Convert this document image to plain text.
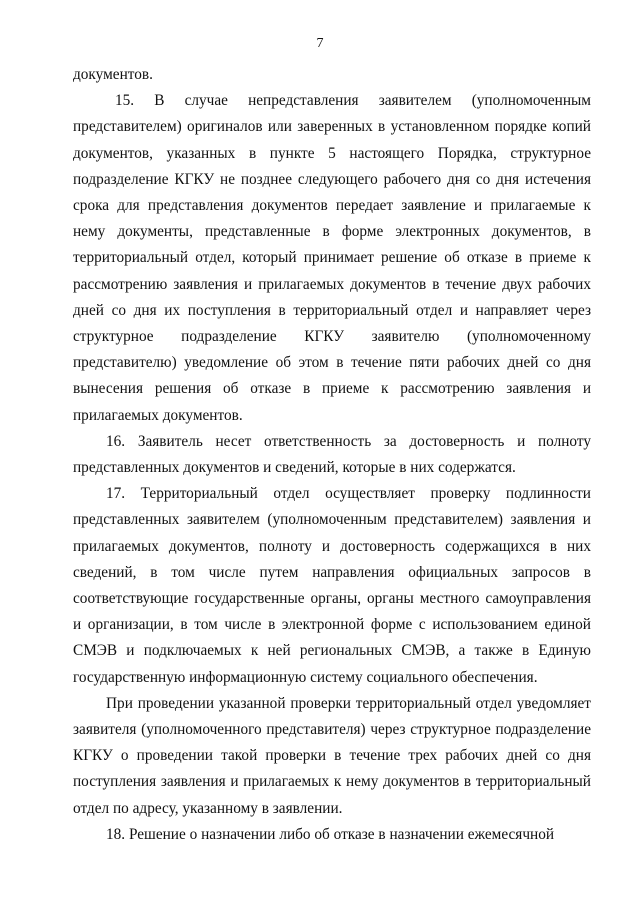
7

документов.

15. В случае непредставления заявителем (уполномоченным представителем) оригиналов или заверенных в установленном порядке копий документов, указанных в пункте 5 настоящего Порядка, структурное подразделение КГКУ не позднее следующего рабочего дня со дня истечения срока для представления документов передает заявление и прилагаемые к нему документы, представленные в форме электронных документов, в территориальный отдел, который принимает решение об отказе в приеме к рассмотрению заявления и прилагаемых документов в течение двух рабочих дней со дня их поступления в территориальный отдел и направляет через структурное подразделение КГКУ заявителю (уполномоченному представителю) уведомление об этом в течение пяти рабочих дней со дня вынесения решения об отказе в приеме к рассмотрению заявления и прилагаемых документов.

16. Заявитель несет ответственность за достоверность и полноту представленных документов и сведений, которые в них содержатся.

17. Территориальный отдел осуществляет проверку подлинности представленных заявителем (уполномоченным представителем) заявления и прилагаемых документов, полноту и достоверность содержащихся в них сведений, в том числе путем направления официальных запросов в соответствующие государственные органы, органы местного самоуправления и организации, в том числе в электронной форме с использованием единой СМЭВ и подключаемых к ней региональных СМЭВ, а также в Единую государственную информационную систему социального обеспечения.

При проведении указанной проверки территориальный отдел уведомляет заявителя (уполномоченного представителя) через структурное подразделение КГКУ о проведении такой проверки в течение трех рабочих дней со дня поступления заявления и прилагаемых к нему документов в территориальный отдел по адресу, указанному в заявлении.

18. Решение о назначении либо об отказе в назначении ежемесячной
